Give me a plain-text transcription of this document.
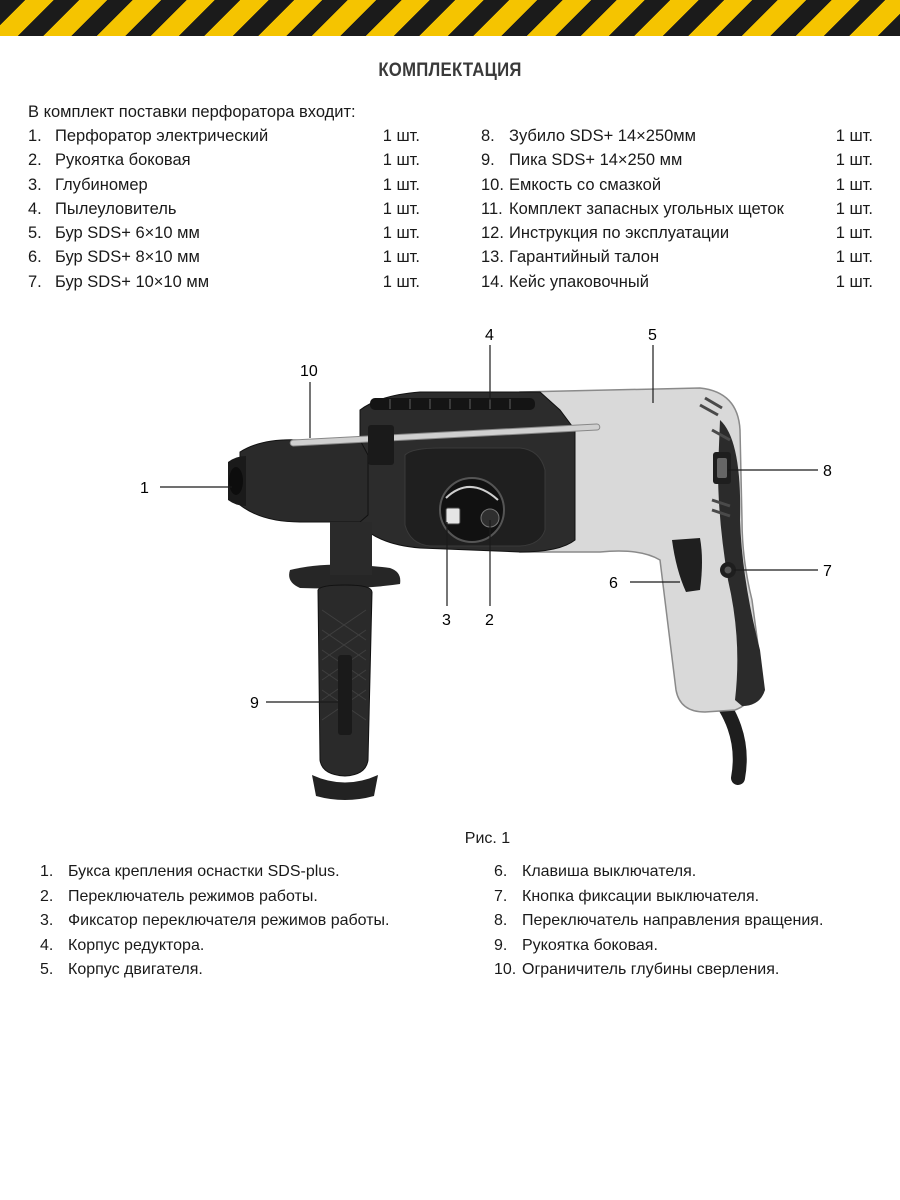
КОМПЛЕКТАЦИЯ
В комплект поставки перфоратора входит:
1. Перфоратор электрический	1 шт.
2. Рукоятка боковая	1 шт.
3. Глубиномер	1 шт.
4. Пылеуловитель	1 шт.
5. Бур SDS+ 6×10 мм	1 шт.
6. Бур SDS+ 8×10 мм	1 шт.
7. Бур SDS+ 10×10 мм	1 шт.
8. Зубило SDS+ 14×250мм	1 шт.
9. Пика SDS+ 14×250 мм	1 шт.
10. Емкость со смазкой	1 шт.
11. Комплект запасных угольных щеток	1 шт.
12. Инструкция по эксплуатации	1 шт.
13. Гарантийный талон	1 шт.
14. Кейс упаковочный	1 шт.
1
2
3
4	5
6
7
8
9
10
Рис. 1
1. Букса крепления оснастки SDS-plus.
2. Переключатель режимов работы.
3. Фиксатор переключателя режимов работы.
4. Корпус редуктора.
5. Корпус двигателя.
6. Клавиша выключателя.
7. Кнопка фиксации выключателя.
8. Переключатель направления вращения.
9. Рукоятка боковая.
10. Ограничитель глубины сверления.
